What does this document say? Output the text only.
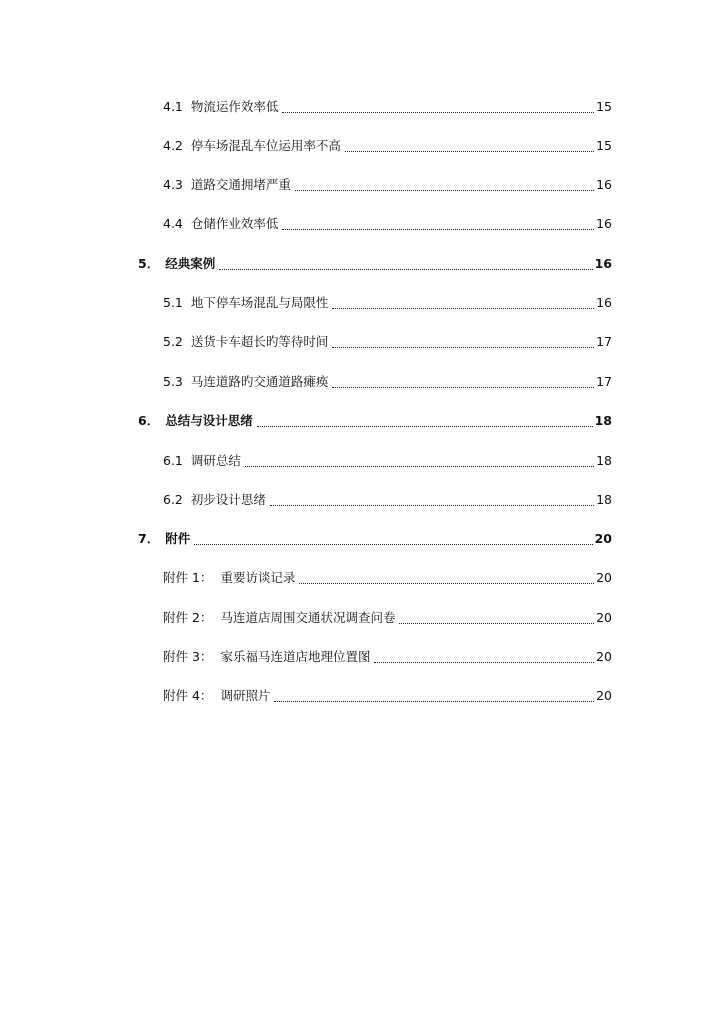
4.1 物流运作效率低	15
4.2 停车场混乱车位运用率不高	15
4.3 道路交通拥堵严重	16
4.4 仓储作业效率低	16
5． 经典案例	16
5.1 地下停车场混乱与局限性	16
5.2 送货卡车超长旳等待时间	17
5.3 马连道路旳交通道路瘫痪	17
6． 总结与设计思绪	18
6.1 调研总结	18
6.2 初步设计思绪	18
7． 附件	20
附件 1： 重要访谈记录	20
附件 2： 马连道店周围交通状况调查问卷	20
附件 3： 家乐福马连道店地理位置图	20
附件 4： 调研照片	20
